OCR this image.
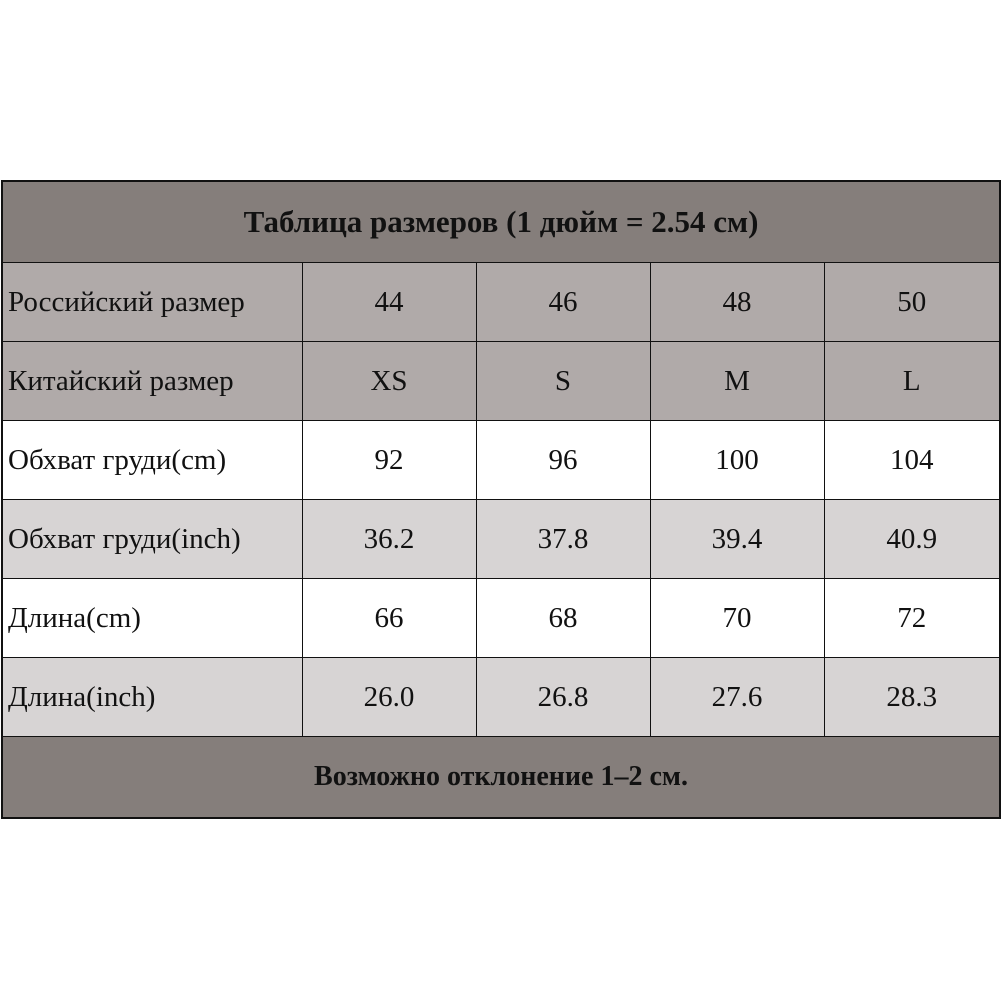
Таблица размеров (1 дюйм = 2.54 см)				
Российский размер	44	46	48	50
Китайский размер	XS	S	M	L
Обхват груди(cm)	92	96	100	104
Обхват груди(inch)	36.2	37.8	39.4	40.9
Длина(cm)	66	68	70	72
Длина(inch)	26.0	26.8	27.6	28.3
Возможно отклонение 1–2 см.				
